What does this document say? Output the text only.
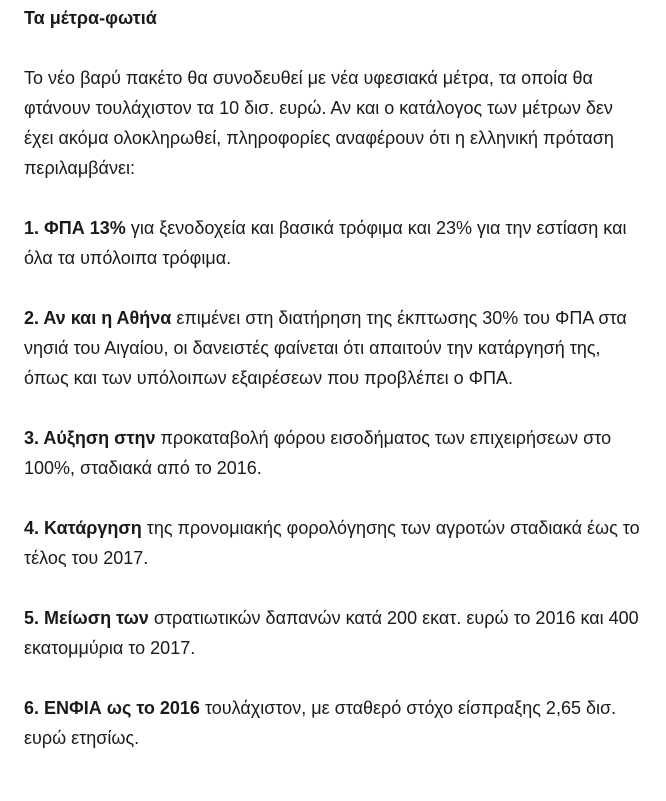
Τα μέτρα-φωτιά

Το νέο βαρύ πακέτο θα συνοδευθεί με νέα υφεσιακά μέτρα, τα οποία θα φτάνουν τουλάχιστον τα 10 δισ. ευρώ. Αν και ο κατάλογος των μέτρων δεν έχει ακόμα ολοκληρωθεί, πληροφορίες αναφέρουν ότι η ελληνική πρόταση περιλαμβάνει:

1. ΦΠΑ 13% για ξενοδοχεία και βασικά τρόφιμα και 23% για την εστίαση και όλα τα υπόλοιπα τρόφιμα.

2. Αν και η Αθήνα επιμένει στη διατήρηση της έκπτωσης 30% του ΦΠΑ στα νησιά του Αιγαίου, οι δανειστές φαίνεται ότι απαιτούν την κατάργησή της, όπως και των υπόλοιπων εξαιρέσεων που προβλέπει ο ΦΠΑ.

3. Αύξηση στην προκαταβολή φόρου εισοδήματος των επιχειρήσεων στο 100%, σταδιακά από το 2016.

4. Κατάργηση της προνομιακής φορολόγησης των αγροτών σταδιακά έως το τέλος του 2017.

5. Μείωση των στρατιωτικών δαπανών κατά 200 εκατ. ευρώ το 2016 και 400 εκατομμύρια το 2017.

6. ΕΝΦΙΑ ως το 2016 τουλάχιστον, με σταθερό στόχο είσπραξης 2,65 δισ. ευρώ ετησίως.
